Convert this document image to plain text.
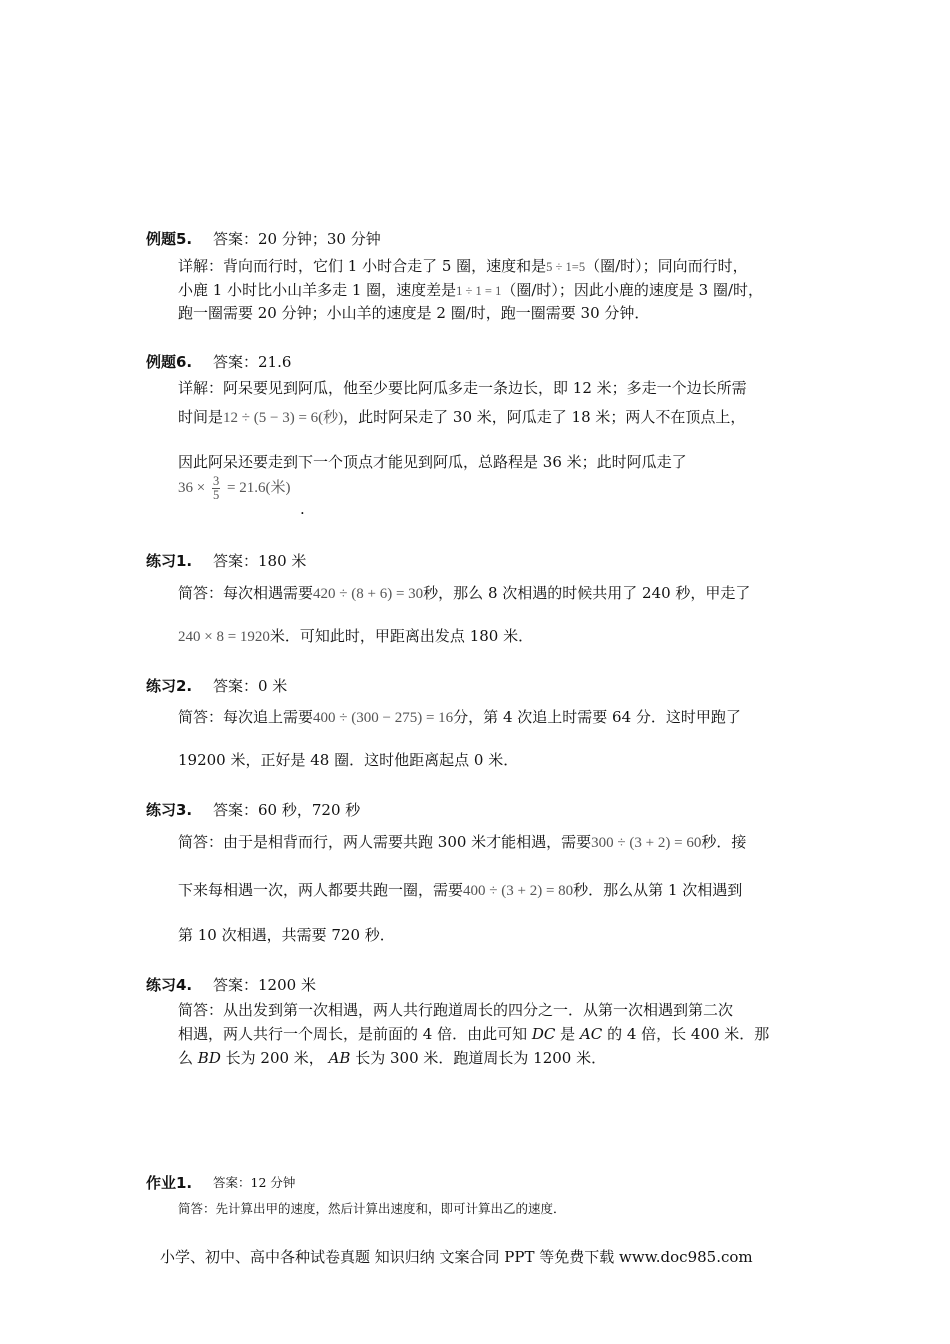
例题5. 答案：20 分钟；30 分钟
详解：背向而行时，它们 1 小时合走了 5 圈，速度和是5 ÷ 1=5（圈/时）；同向而行时，
小鹿 1 小时比小山羊多走 1 圈，速度差是1 ÷ 1 = 1（圈/时）；因此小鹿的速度是 3 圈/时，
跑一圈需要 20 分钟；小山羊的速度是 2 圈/时，跑一圈需要 30 分钟．
例题6. 答案：21.6
详解：阿呆要见到阿瓜，他至少要比阿瓜多走一条边长，即 12 米；多走一个边长所需
时间是12 ÷ (5 − 3) = 6(秒)，此时阿呆走了 30 米，阿瓜走了 18 米；两人不在顶点上，
因此阿呆还要走到下一个顶点才能见到阿瓜，总路程是 36 米；此时阿瓜走了
$36 \times \frac{3}{5} = 21.6$(米)
.
练习1. 答案：180 米
简答：每次相遇需要420 ÷ (8 + 6) = 30秒，那么 8 次相遇的时候共用了 240 秒，甲走了
240 × 8 = 1920米．可知此时，甲距离出发点 180 米．
练习2. 答案：0 米
简答：每次追上需要400 ÷ (300 − 275) = 16分，第 4 次追上时需要 64 分．这时甲跑了
19200 米，正好是 48 圈．这时他距离起点 0 米．
练习3. 答案：60 秒，720 秒
简答：由于是相背而行，两人需要共跑 300 米才能相遇，需要300 ÷ (3 + 2) = 60秒．接
下来每相遇一次，两人都要共跑一圈，需要400 ÷ (3 + 2) = 80秒．那么从第 1 次相遇到
第 10 次相遇，共需要 720 秒．
练习4. 答案：1200 米
简答：从出发到第一次相遇，两人共行跑道周长的四分之一．从第一次相遇到第二次
相遇，两人共行一个周长，是前面的 4 倍．由此可知 DC 是 AC 的 4 倍，长 400 米．那
么 BD 长为 200 米， AB 长为 300 米．跑道周长为 1200 米．
作业1. 答案：12 分钟
简答：先计算出甲的速度，然后计算出速度和，即可计算出乙的速度．
小学、初中、高中各种试卷真题 知识归纳 文案合同 PPT 等免费下载 www.doc985.com
